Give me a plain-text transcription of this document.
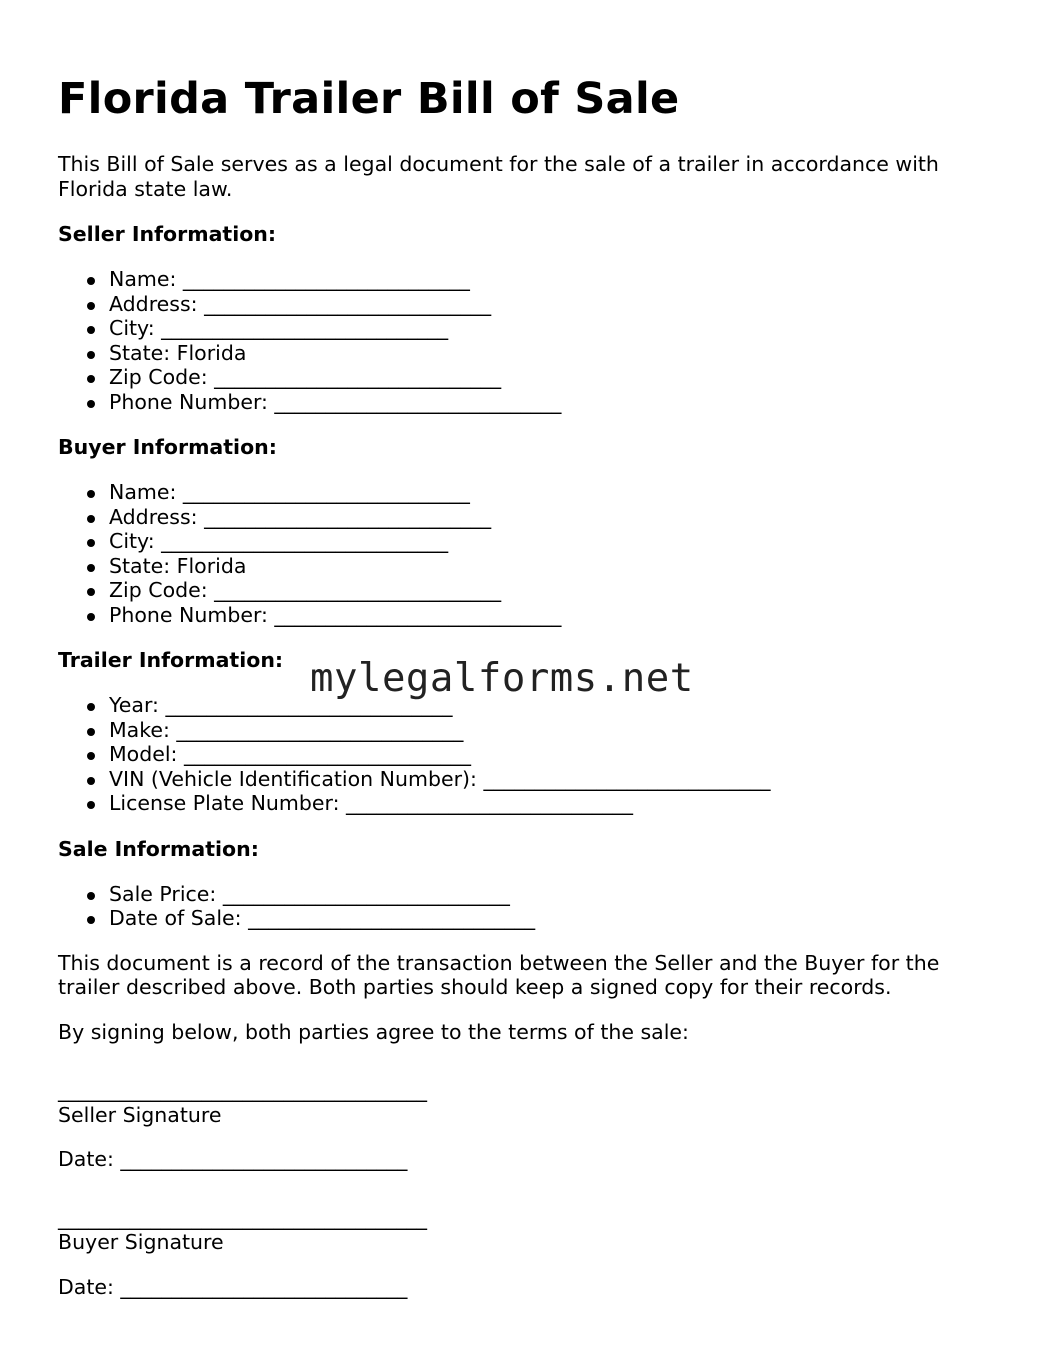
Florida Trailer Bill of Sale

This Bill of Sale serves as a legal document for the sale of a trailer in accordance with Florida state law.

Seller Information:
Name: ____________________________
Address: ____________________________
City: ____________________________
State: Florida
Zip Code: ____________________________
Phone Number: ____________________________
Buyer Information:
Name: ____________________________
Address: ____________________________
City: ____________________________
State: Florida
Zip Code: ____________________________
Phone Number: ____________________________
Trailer Information:
Year: ____________________________
Make: ____________________________
Model: ____________________________
VIN (Vehicle Identification Number): ____________________________
License Plate Number: ____________________________
Sale Information:
Sale Price: ____________________________
Date of Sale: ____________________________

This document is a record of the transaction between the Seller and the Buyer for the trailer described above. Both parties should keep a signed copy for their records.

By signing below, both parties agree to the terms of the sale:

____________________________________
Seller Signature
Date: ____________________________
____________________________________
Buyer Signature
Date: ____________________________
mylegalforms.net
